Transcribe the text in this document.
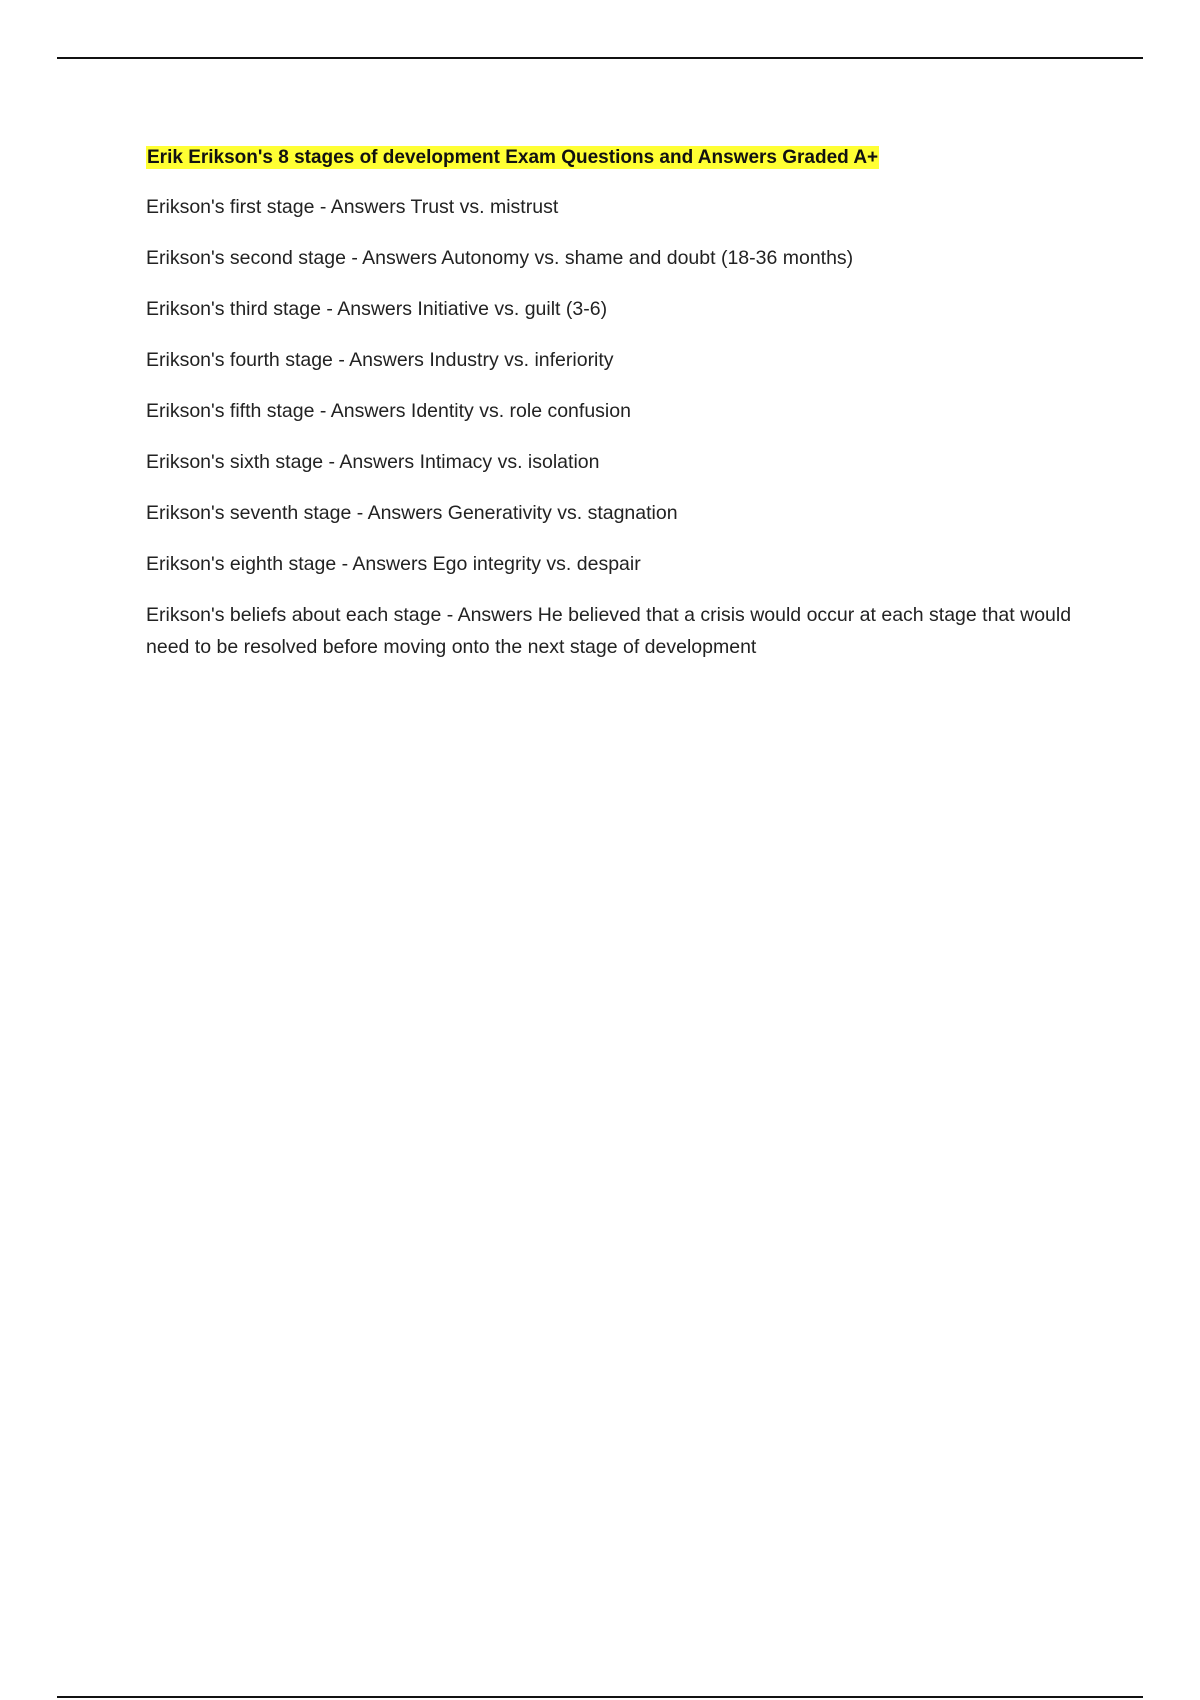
Erik Erikson's 8 stages of development Exam Questions and Answers Graded A+
Erikson's first stage - Answers Trust vs. mistrust
Erikson's second stage - Answers Autonomy vs. shame and doubt (18-36 months)
Erikson's third stage - Answers Initiative vs. guilt (3-6)
Erikson's fourth stage - Answers Industry vs. inferiority
Erikson's fifth stage - Answers Identity vs. role confusion
Erikson's sixth stage - Answers Intimacy vs. isolation
Erikson's seventh stage - Answers Generativity vs. stagnation
Erikson's eighth stage - Answers Ego integrity vs. despair
Erikson's beliefs about each stage - Answers He believed that a crisis would occur at each stage that would need to be resolved before moving onto the next stage of development
